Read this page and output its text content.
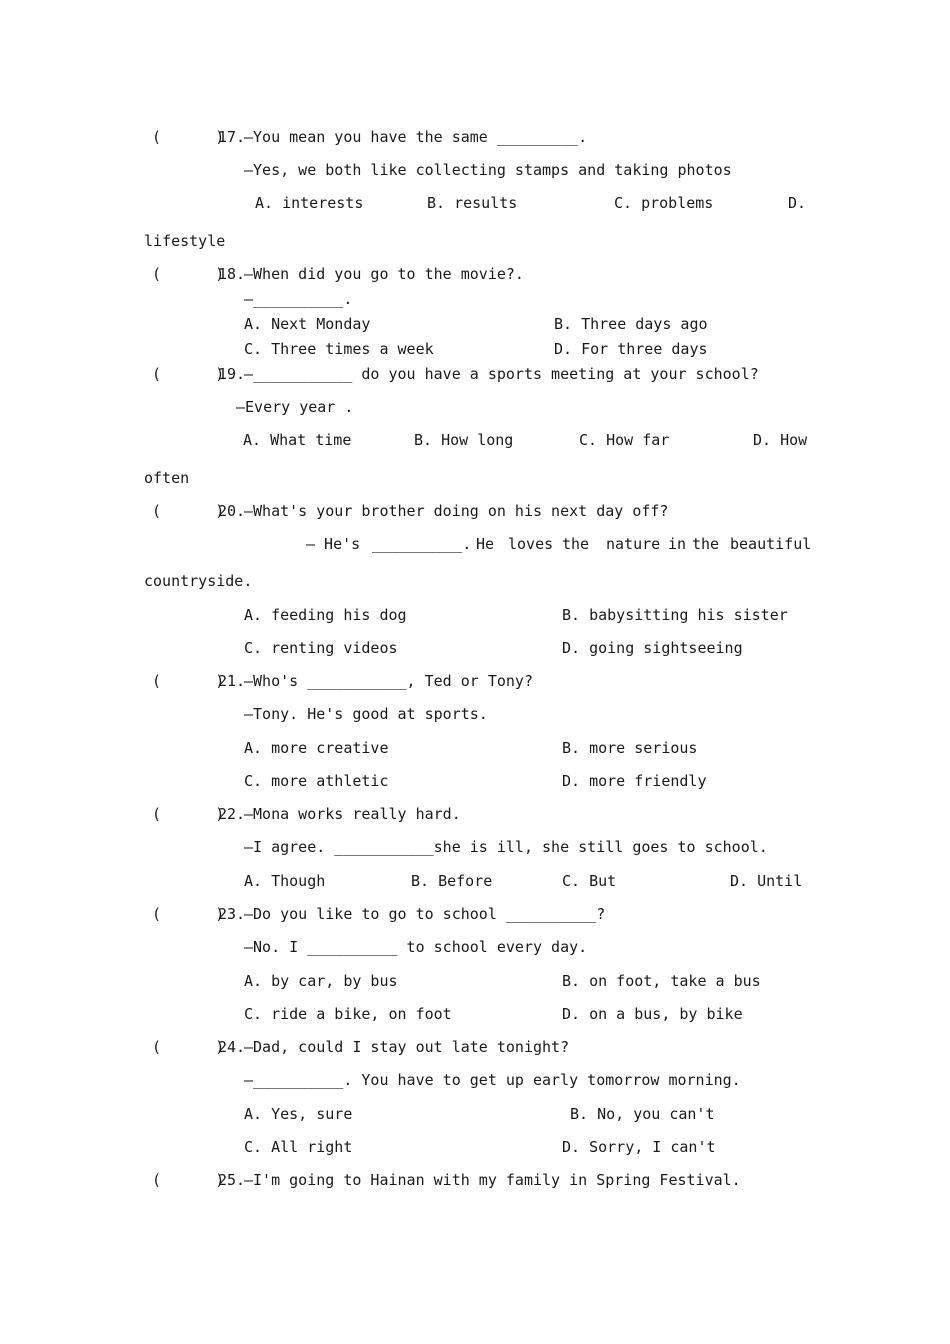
(      )
17.
—You mean you have the same _________.
—Yes, we both like collecting stamps and taking photos
A. interests	B. results	C. problems	D.
lifestyle
(      )
18.
—When did you go to the movie?.
—__________.
A. Next Monday	B. Three days ago
C. Three times a week	D. For three days
(      )
19.
—___________ do you have a sports meeting at your school?
—Every year .
A. What time	B. How long	C. How far	D. How
often
(      )
20.
—What's your brother doing on his next day off?
— He's __________. He loves the nature in the beautiful
countryside.
A. feeding his dog	B. babysitting his sister
C. renting videos	D. going sightseeing
(      )
21.
—Who's ___________, Ted or Tony?
—Tony. He's good at sports.
A. more creative	B. more serious
C. more athletic	D. more friendly
(      )
22.
—Mona works really hard.
—I agree. ___________she is ill, she still goes to school.
A. Though	B. Before	C. But	D. Until
(      )
23.
—Do you like to go to school __________?
—No. I __________ to school every day.
A. by car, by bus	B. on foot, take a bus
C. ride a bike, on foot	D. on a bus, by bike
(      )
24.
—Dad, could I stay out late tonight?
—__________. You have to get up early tomorrow morning.
A. Yes, sure	B. No, you can't
C. All right	D. Sorry, I can't
(      )
25.
—I'm going to Hainan with my family in Spring Festival.
